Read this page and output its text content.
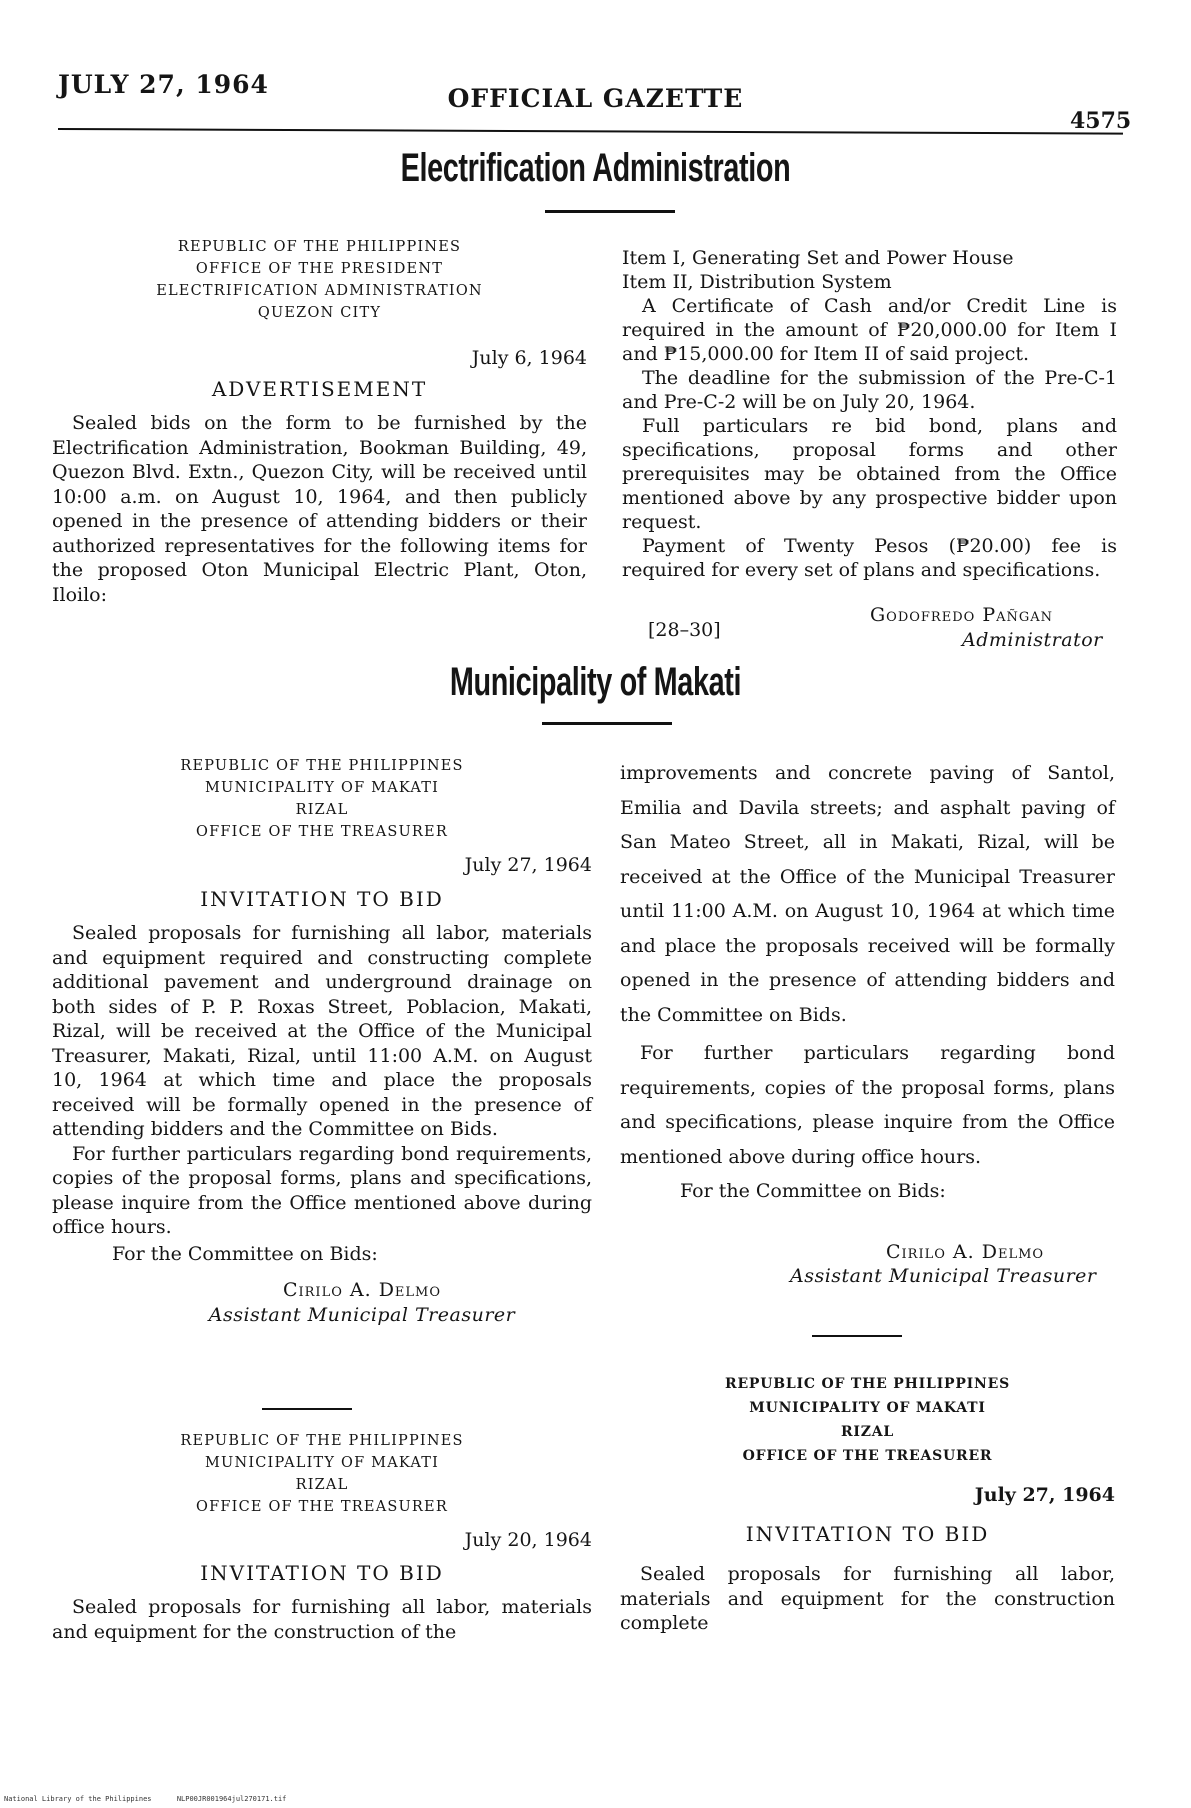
JULY 27, 1964	OFFICIAL GAZETTE
4575
Electrification Administration
REPUBLIC OF THE PHILIPPINES
OFFICE OF THE PRESIDENT
ELECTRIFICATION ADMINISTRATION
QUEZON CITY
July 6, 1964
ADVERTISEMENT

Sealed bids on the form to be furnished by the Electrification Administration, Bookman Building, 49, Quezon Blvd. Extn., Quezon City, will be received until 10:00 a.m. on August 10, 1964, and then publicly opened in the presence of attending bidders or their authorized representatives for the following items for the proposed Oton Municipal Electric Plant, Oton, Iloilo:

Item I, Generating Set and Power House
Item II, Distribution System

A Certificate of Cash and/or Credit Line is required in the amount of ₱20,000.00 for Item I and ₱15,000.00 for Item II of said project.

The deadline for the submission of the Pre-C-1 and Pre-C-2 will be on July 20, 1964.

Full particulars re bid bond, plans and specifications, proposal forms and other prerequisites may be obtained from the Office mentioned above by any prospective bidder upon request.

Payment of Twenty Pesos (₱20.00) fee is required for every set of plans and specifications.

Godofredo Pañgan
[28–30]	Administrator
Municipality of Makati
REPUBLIC OF THE PHILIPPINES
MUNICIPALITY OF MAKATI
RIZAL
OFFICE OF THE TREASURER
July 27, 1964
INVITATION TO BID

Sealed proposals for furnishing all labor, materials and equipment required and constructing complete additional pavement and underground drainage on both sides of P. P. Roxas Street, Poblacion, Makati, Rizal, will be received at the Office of the Municipal Treasurer, Makati, Rizal, until 11:00 A.M. on August 10, 1964 at which time and place the proposals received will be formally opened in the presence of attending bidders and the Committee on Bids.

For further particulars regarding bond requirements, copies of the proposal forms, plans and specifications, please inquire from the Office mentioned above during office hours.

For the Committee on Bids:
Cirilo A. Delmo
Assistant Municipal Treasurer
REPUBLIC OF THE PHILIPPINES
MUNICIPALITY OF MAKATI
RIZAL
OFFICE OF THE TREASURER
July 20, 1964
INVITATION TO BID

Sealed proposals for furnishing all labor, materials and equipment for the construction of the

improvements and concrete paving of Santol, Emilia and Davila streets; and asphalt paving of San Mateo Street, all in Makati, Rizal, will be received at the Office of the Municipal Treasurer until 11:00 A.M. on August 10, 1964 at which time and place the proposals received will be formally opened in the presence of attending bidders and the Committee on Bids.

For further particulars regarding bond requirements, copies of the proposal forms, plans and specifications, please inquire from the Office mentioned above during office hours.

For the Committee on Bids:
Cirilo A. Delmo
Assistant Municipal Treasurer
REPUBLIC OF THE PHILIPPINES
MUNICIPALITY OF MAKATI
RIZAL
OFFICE OF THE TREASURER
July 27, 1964
INVITATION TO BID

Sealed proposals for furnishing all labor, materials and equipment for the construction complete

National Library of the Philippines	NLP00JR001964jul270171.tif
